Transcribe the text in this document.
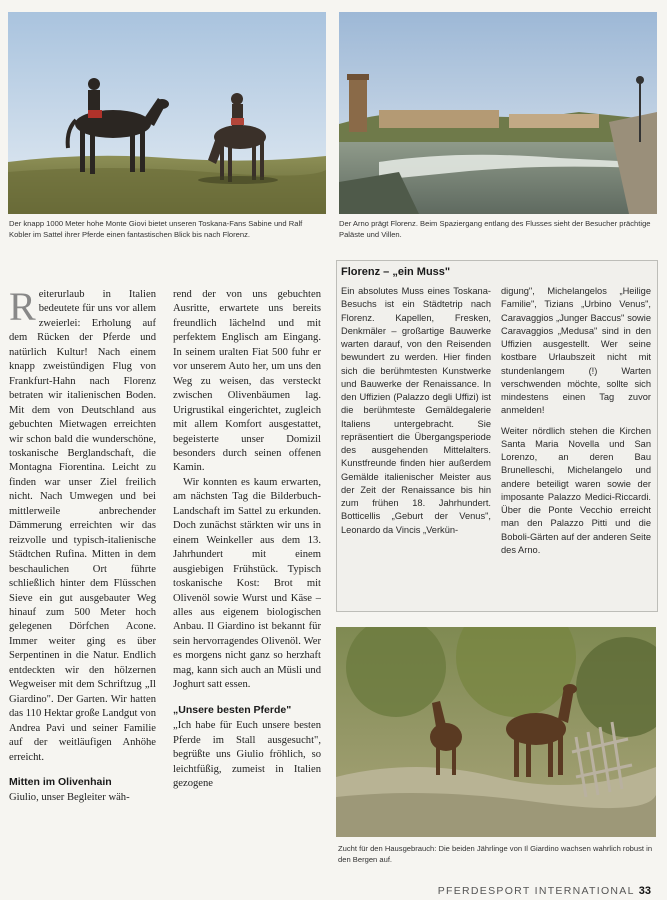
Der knapp 1000 Meter hohe Monte Giovi bietet unseren Toskana-Fans Sabine und Ralf Kobler im Sattel ihrer Pferde einen fantastischen Blick bis nach Florenz.
Der Arno prägt Florenz. Beim Spaziergang entlang des Flusses sieht der Besucher prächtige Paläste und Villen.
R eiterurlaub in Italien bedeutete für uns vor allem zweierlei: Erholung auf dem Rücken der Pferde und natürlich Kultur! Nach einem knapp zweistündigen Flug von Frankfurt-Hahn nach Florenz betraten wir italienischen Boden. Mit dem von Deutschland aus gebuchten Mietwagen erreichten wir schon bald die wunderschöne, toskanische Berglandschaft, die Montagna Fiorentina. Leicht zu finden war unser Ziel freilich nicht. Nach Umwegen und bei mittlerweile anbrechender Dämmerung erreichten wir das reizvolle und typisch-italienische Städtchen Rufina. Mitten in dem beschaulichen Ort führte schließlich hinter dem Flüsschen Sieve ein gut ausgebauter Weg hinauf zum 500 Meter hoch gelegenen Dörfchen Acone. Immer weiter ging es über Serpentinen in die Natur. Endlich entdeckten wir den hölzernen Wegweiser mit dem Schriftzug „Il Giardino". Der Garten. Wir hatten das 110 Hektar große Landgut von Andrea Pavi und seiner Familie auf der weitläufigen Anhöhe erreicht.

Mitten im Olivenhain

Giulio, unser Begleiter wäh-

rend der von uns gebuchten Ausritte, erwartete uns bereits freundlich lächelnd und mit perfektem Englisch am Eingang. In seinem uralten Fiat 500 fuhr er vor unserem Auto her, um uns den Weg zu weisen, das versteckt zwischen Olivenbäumen lag. Urigrustikal eingerichtet, zugleich mit allem Komfort ausgestattet, begeisterte unser Domizil besonders durch seinen offenen Kamin.

Wir konnten es kaum erwarten, am nächsten Tag die Bilderbuch-Landschaft im Sattel zu erkunden. Doch zunächst stärkten wir uns in einem Weinkeller aus dem 13. Jahrhundert mit einem ausgiebigen Frühstück. Typisch toskanische Kost: Brot mit Olivenöl sowie Wurst und Käse – alles aus eigenem biologischen Anbau. Il Giardino ist bekannt für sein hervorragendes Olivenöl. Wer es morgens nicht ganz so herzhaft mag, kann sich auch an Müsli und Joghurt satt essen.

„Unsere besten Pferde"

„Ich habe für Euch unsere besten Pferde im Stall ausgesucht", begrüßte uns Giulio fröhlich, so leichtfüßig, zumeist in Italien gezogene

Florenz – „ein Muss"

Ein absolutes Muss eines Toskana-Besuchs ist ein Städtetrip nach Florenz. Kapellen, Fresken, Denkmäler – großartige Bauwerke warten darauf, von den Reisenden bewundert zu werden. Hier finden sich die berühmtesten Kunstwerke und Bauwerke der Renaissance. In den Uffizien (Palazzo degli Uffizi) ist die berühmteste Gemäldegalerie Italiens untergebracht. Sie repräsentiert die Übergangsperiode des ausgehenden Mittelalters. Kunstfreunde finden hier außerdem Gemälde italienischer Meister aus der Zeit der Renaissance bis hin zum frühen 18. Jahrhundert. Botticellis „Geburt der Venus", Leonardo da Vincis „Verkün-

digung", Michelangelos „Heilige Familie", Tizians „Urbino Venus", Caravaggios „Junger Baccus" sowie Caravaggios „Medusa" sind in den Uffizien ausgestellt. Wer seine kostbare Urlaubszeit nicht mit stundenlangem (!) Warten verschwenden möchte, sollte sich mindestens einen Tag zuvor anmelden!

Weiter nördlich stehen die Kirchen Santa Maria Novella und San Lorenzo, an deren Bau Brunelleschi, Michelangelo und andere beteiligt waren sowie der imposante Palazzo Medici-Riccardi. Über die Ponte Vecchio erreicht man den Palazzo Pitti und die Boboli-Gärten auf der anderen Seite des Arno.

Zucht für den Hausgebrauch: Die beiden Jährlinge von Il Giardino wachsen wahrlich robust in den Bergen auf.
PFERDESPORT INTERNATIONAL 33
